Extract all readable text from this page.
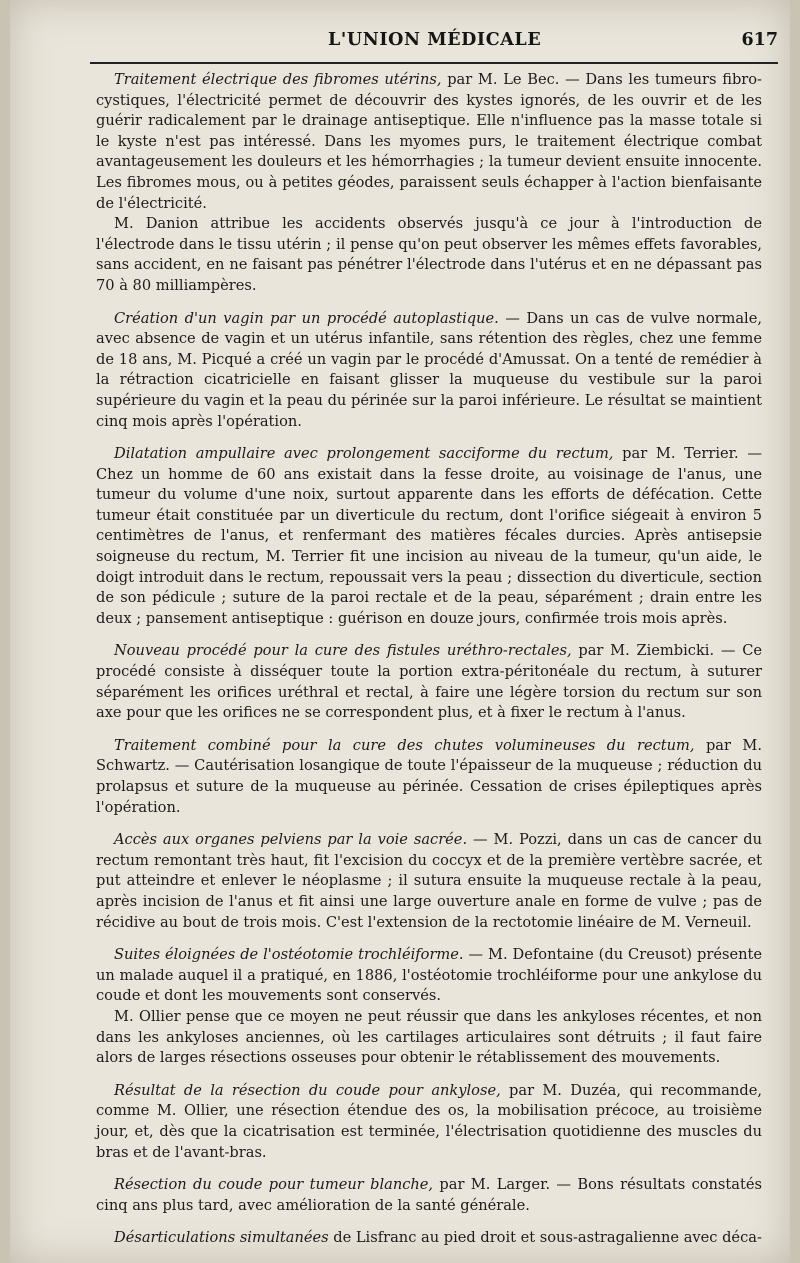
L'UNION MÉDICALE	617

Traitement électrique des fibromes utérins, par M. Le Bec. — Dans les tumeurs fibro-cystiques, l'électricité permet de découvrir des kystes ignorés, de les ouvrir et de les guérir radicalement par le drainage antiseptique. Elle n'influence pas la masse totale si le kyste n'est pas intéressé. Dans les myomes purs, le traitement électrique combat avantageusement les douleurs et les hémorrhagies ; la tumeur devient ensuite innocente. Les fibromes mous, ou à petites géodes, paraissent seuls échapper à l'action bienfaisante de l'électricité.

M. Danion attribue les accidents observés jusqu'à ce jour à l'introduction de l'électrode dans le tissu utérin ; il pense qu'on peut observer les mêmes effets favorables, sans accident, en ne faisant pas pénétrer l'électrode dans l'utérus et en ne dépassant pas 70 à 80 milliampères.

Création d'un vagin par un procédé autoplastique. — Dans un cas de vulve normale, avec absence de vagin et un utérus infantile, sans rétention des règles, chez une femme de 18 ans, M. Picqué a créé un vagin par le procédé d'Amussat. On a tenté de remédier à la rétraction cicatricielle en faisant glisser la muqueuse du vestibule sur la paroi supérieure du vagin et la peau du périnée sur la paroi inférieure. Le résultat se maintient cinq mois après l'opération.

Dilatation ampullaire avec prolongement sacciforme du rectum, par M. Terrier. — Chez un homme de 60 ans existait dans la fesse droite, au voisinage de l'anus, une tumeur du volume d'une noix, surtout apparente dans les efforts de défécation. Cette tumeur était constituée par un diverticule du rectum, dont l'orifice siégeait à environ 5 centimètres de l'anus, et renfermant des matières fécales durcies. Après antisepsie soigneuse du rectum, M. Terrier fit une incision au niveau de la tumeur, qu'un aide, le doigt introduit dans le rectum, repoussait vers la peau ; dissection du diverticule, section de son pédicule ; suture de la paroi rectale et de la peau, séparément ; drain entre les deux ; pansement antiseptique : guérison en douze jours, confirmée trois mois après.

Nouveau procédé pour la cure des fistules uréthro-rectales, par M. Ziembicki. — Ce procédé consiste à disséquer toute la portion extra-péritonéale du rectum, à suturer séparément les orifices uréthral et rectal, à faire une légère torsion du rectum sur son axe pour que les orifices ne se correspondent plus, et à fixer le rectum à l'anus.

Traitement combiné pour la cure des chutes volumineuses du rectum, par M. Schwartz. — Cautérisation losangique de toute l'épaisseur de la muqueuse ; réduction du prolapsus et suture de la muqueuse au périnée. Cessation de crises épileptiques après l'opération.

Accès aux organes pelviens par la voie sacrée. — M. Pozzi, dans un cas de cancer du rectum remontant très haut, fit l'excision du coccyx et de la première vertèbre sacrée, et put atteindre et enlever le néoplasme ; il sutura ensuite la muqueuse rectale à la peau, après incision de l'anus et fit ainsi une large ouverture anale en forme de vulve ; pas de récidive au bout de trois mois. C'est l'extension de la rectotomie linéaire de M. Verneuil.

Suites éloignées de l'ostéotomie trochléiforme. — M. Defontaine (du Creusot) présente un malade auquel il a pratiqué, en 1886, l'ostéotomie trochléiforme pour une ankylose du coude et dont les mouvements sont conservés.

M. Ollier pense que ce moyen ne peut réussir que dans les ankyloses récentes, et non dans les ankyloses anciennes, où les cartilages articulaires sont détruits ; il faut faire alors de larges résections osseuses pour obtenir le rétablissement des mouvements.

Résultat de la résection du coude pour ankylose, par M. Duzéa, qui recommande, comme M. Ollier, une résection étendue des os, la mobilisation précoce, au troisième jour, et, dès que la cicatrisation est terminée, l'électrisation quotidienne des muscles du bras et de l'avant-bras.

Résection du coude pour tumeur blanche, par M. Larger. — Bons résultats constatés cinq ans plus tard, avec amélioration de la santé générale.

Désarticulations simultanées de Lisfranc au pied droit et sous-astragalienne avec déca-
